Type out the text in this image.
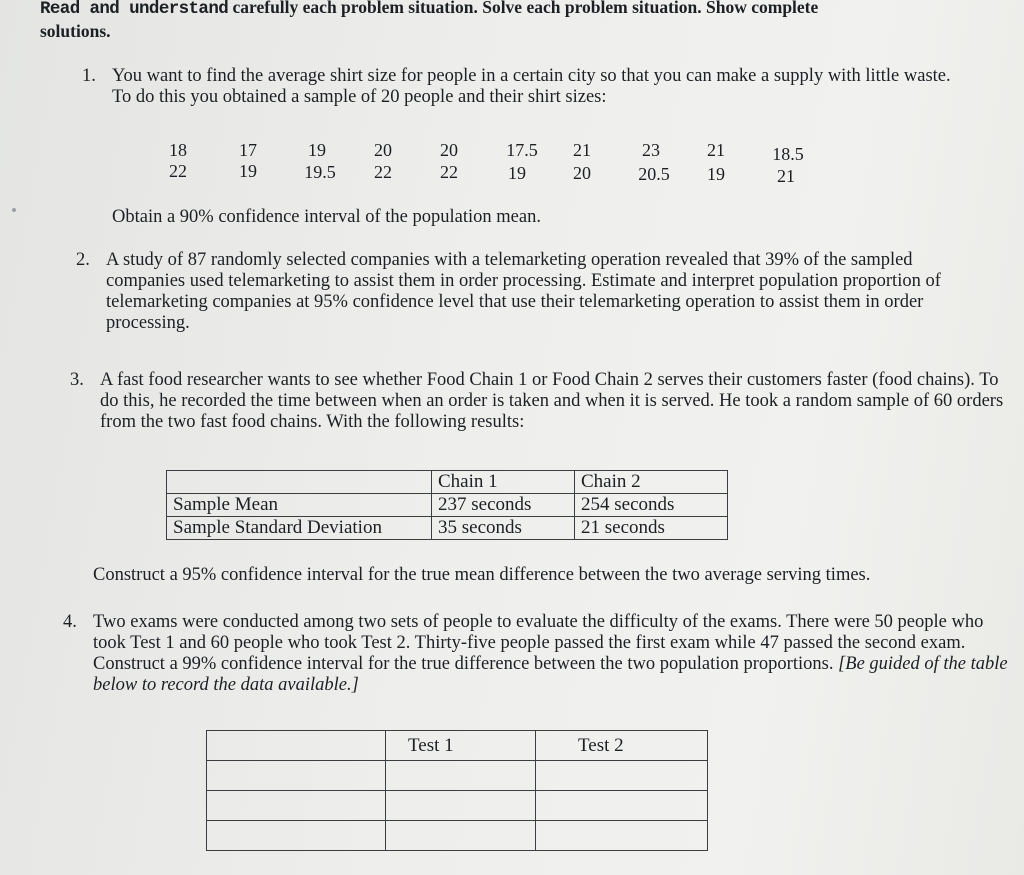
Read and understand carefully each problem situation. Solve each problem situation. Show complete
solutions.
1. You want to find the average shirt size for people in a certain city so that you can make a supply with little waste. To do this you obtained a sample of 20 people and their shirt sizes:
18	17	19	20	20	17.5	21	23	21	18.5
22	19	19.5	22	22	19	20	20.5	19	21
Obtain a 90% confidence interval of the population mean.
2. A study of 87 randomly selected companies with a telemarketing operation revealed that 39% of the sampled companies used telemarketing to assist them in order processing. Estimate and interpret population proportion of telemarketing companies at 95% confidence level that use their telemarketing operation to assist them in order processing.
3. A fast food researcher wants to see whether Food Chain 1 or Food Chain 2 serves their customers faster (food chains). To do this, he recorded the time between when an order is taken and when it is served. He took a random sample of 60 orders from the two fast food chains. With the following results:
	Chain 1	Chain 2
Sample Mean	237 seconds	254 seconds
Sample Standard Deviation	35 seconds	21 seconds
Construct a 95% confidence interval for the true mean difference between the two average serving times.
4. Two exams were conducted among two sets of people to evaluate the difficulty of the exams. There were 50 people who took Test 1 and 60 people who took Test 2. Thirty-five people passed the first exam while 47 passed the second exam. Construct a 99% confidence interval for the true difference between the two population proportions. [Be guided of the table below to record the data available.]
	Test 1	Test 2
